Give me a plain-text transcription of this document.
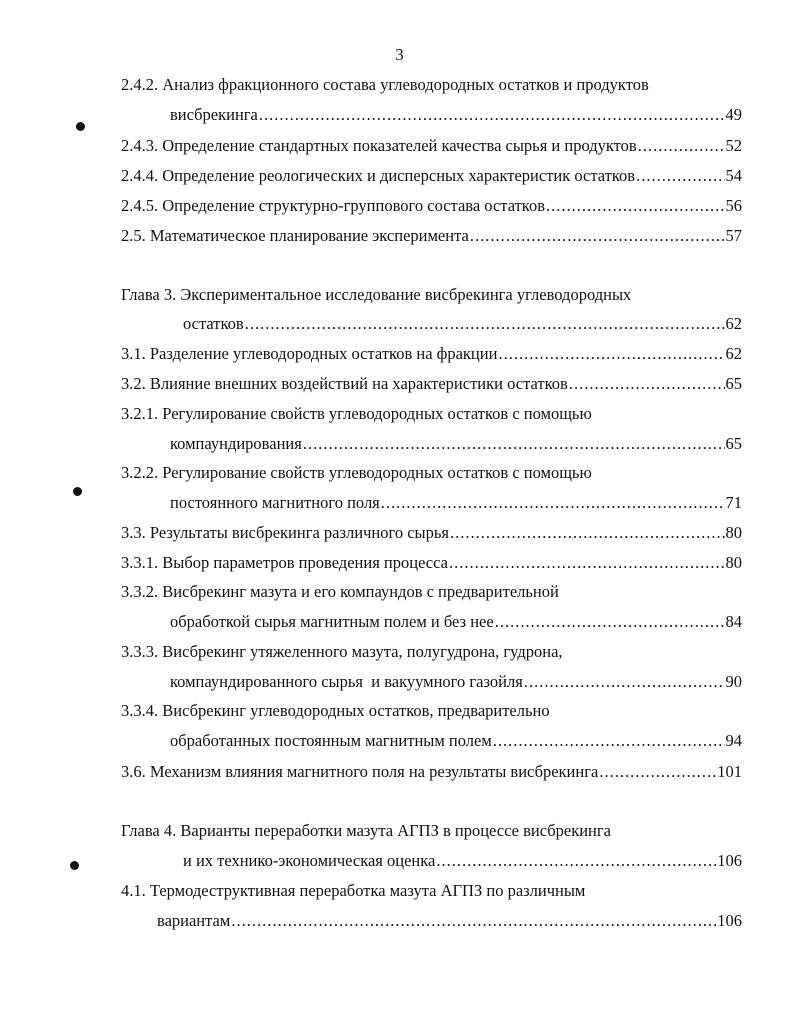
3
2.4.2. Анализ фракционного состава углеводородных остатков и продуктов
висбрекинга .....	49
2.4.3. Определение стандартных показателей качества сырья и продуктов .....	52
2.4.4. Определение реологических и дисперсных характеристик остатков .....	54
2.4.5. Определение структурно-группового состава остатков .....	56
2.5. Математическое планирование эксперимента .....	57
Глава 3. Экспериментальное исследование висбрекинга углеводородных
остатков .....	62
3.1. Разделение углеводородных остатков на фракции .....	62
3.2. Влияние внешних воздействий на характеристики остатков .....	65
3.2.1. Регулирование свойств углеводородных остатков с помощью
компаундирования .....	65
3.2.2. Регулирование свойств углеводородных остатков с помощью
постоянного магнитного поля .....	71
3.3. Результаты висбрекинга различного сырья .....	80
3.3.1. Выбор параметров проведения процесса .....	80
3.3.2. Висбрекинг мазута и его компаундов с предварительной
обработкой сырья магнитным полем и без нее .....	84
3.3.3. Висбрекинг утяжеленного мазута, полугудрона, гудрона,
компаундированного сырья  и вакуумного газойля .....	90
3.3.4. Висбрекинг углеводородных остатков, предварительно
обработанных постоянным магнитным полем .....	94
3.6. Механизм влияния магнитного поля на результаты висбрекинга .....	101
Глава 4. Варианты переработки мазута АГПЗ в процессе висбрекинга
и их технико-экономическая оценка .....	106
4.1. Термодеструктивная переработка мазута АГПЗ по различным
вариантам .....	106
